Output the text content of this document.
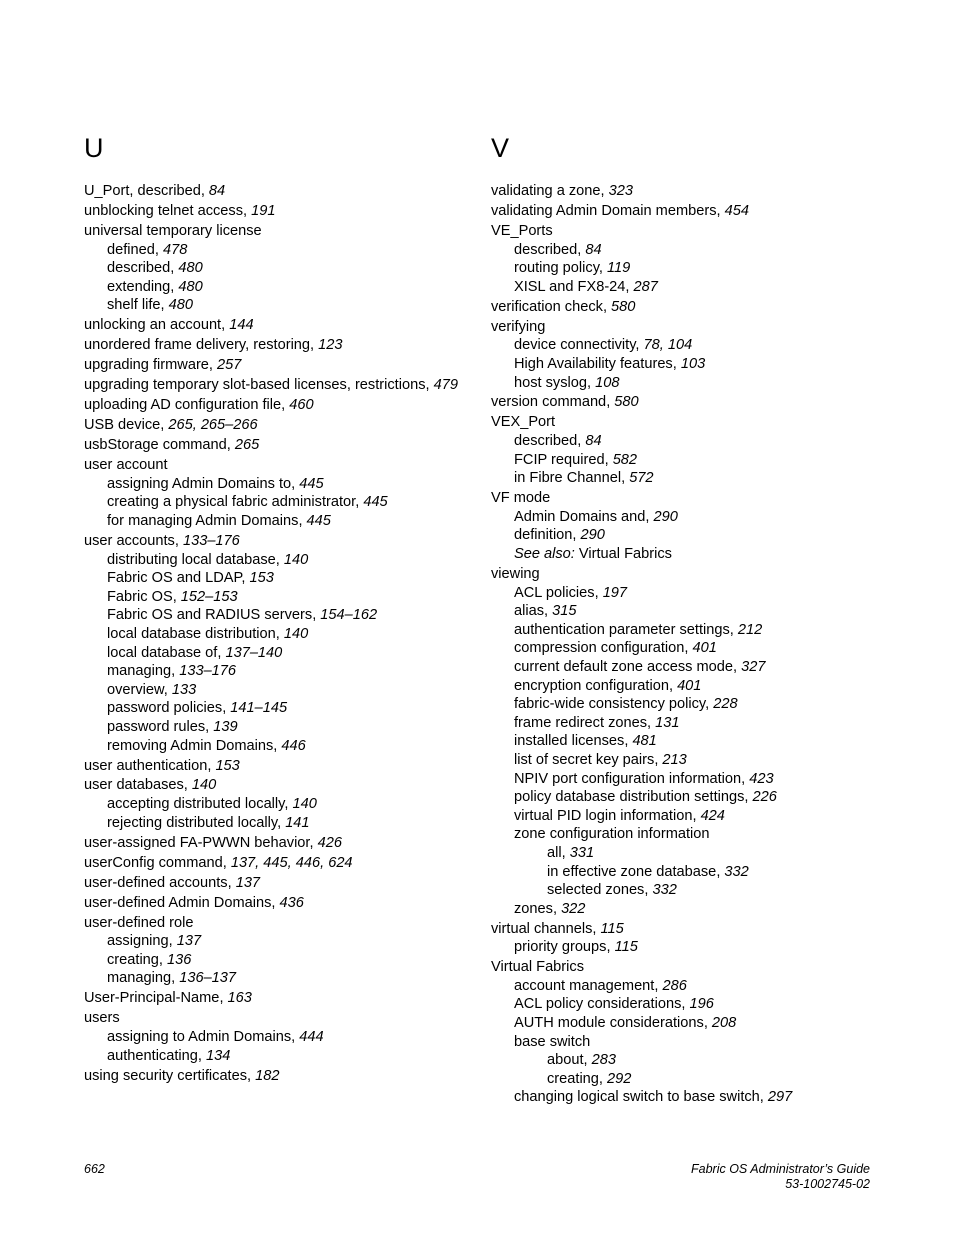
U
U_Port, described, 84
unblocking telnet access, 191
universal temporary license
defined, 478
described, 480
extending, 480
shelf life, 480
unlocking an account, 144
unordered frame delivery, restoring, 123
upgrading firmware, 257
upgrading temporary slot-based licenses, restrictions, 479
uploading AD configuration file, 460
USB device, 265, 265–266
usbStorage command, 265
user account
assigning Admin Domains to, 445
creating a physical fabric administrator, 445
for managing Admin Domains, 445
user accounts, 133–176
distributing local database, 140
Fabric OS and LDAP, 153
Fabric OS, 152–153
Fabric OS and RADIUS servers, 154–162
local database distribution, 140
local database of, 137–140
managing, 133–176
overview, 133
password policies, 141–145
password rules, 139
removing Admin Domains, 446
user authentication, 153
user databases, 140
accepting distributed locally, 140
rejecting distributed locally, 141
user-assigned FA-PWWN behavior, 426
userConfig command, 137, 445, 446, 624
user-defined accounts, 137
user-defined Admin Domains, 436
user-defined role
assigning, 137
creating, 136
managing, 136–137
User-Principal-Name, 163
users
assigning to Admin Domains, 444
authenticating, 134
using security certificates, 182
V
validating a zone, 323
validating Admin Domain members, 454
VE_Ports
described, 84
routing policy, 119
XISL and FX8-24, 287
verification check, 580
verifying
device connectivity, 78, 104
High Availability features, 103
host syslog, 108
version command, 580
VEX_Port
described, 84
FCIP required, 582
in Fibre Channel, 572
VF mode
Admin Domains and, 290
definition, 290
See also: Virtual Fabrics
viewing
ACL policies, 197
alias, 315
authentication parameter settings, 212
compression configuration, 401
current default zone access mode, 327
encryption configuration, 401
fabric-wide consistency policy, 228
frame redirect zones, 131
installed licenses, 481
list of secret key pairs, 213
NPIV port configuration information, 423
policy database distribution settings, 226
virtual PID login information, 424
zone configuration information
all, 331
in effective zone database, 332
selected zones, 332
zones, 322
virtual channels, 115
priority groups, 115
Virtual Fabrics
account management, 286
ACL policy considerations, 196
AUTH module considerations, 208
base switch
about, 283
creating, 292
changing logical switch to base switch, 297
662	Fabric OS Administrator’s Guide
53-1002745-02
